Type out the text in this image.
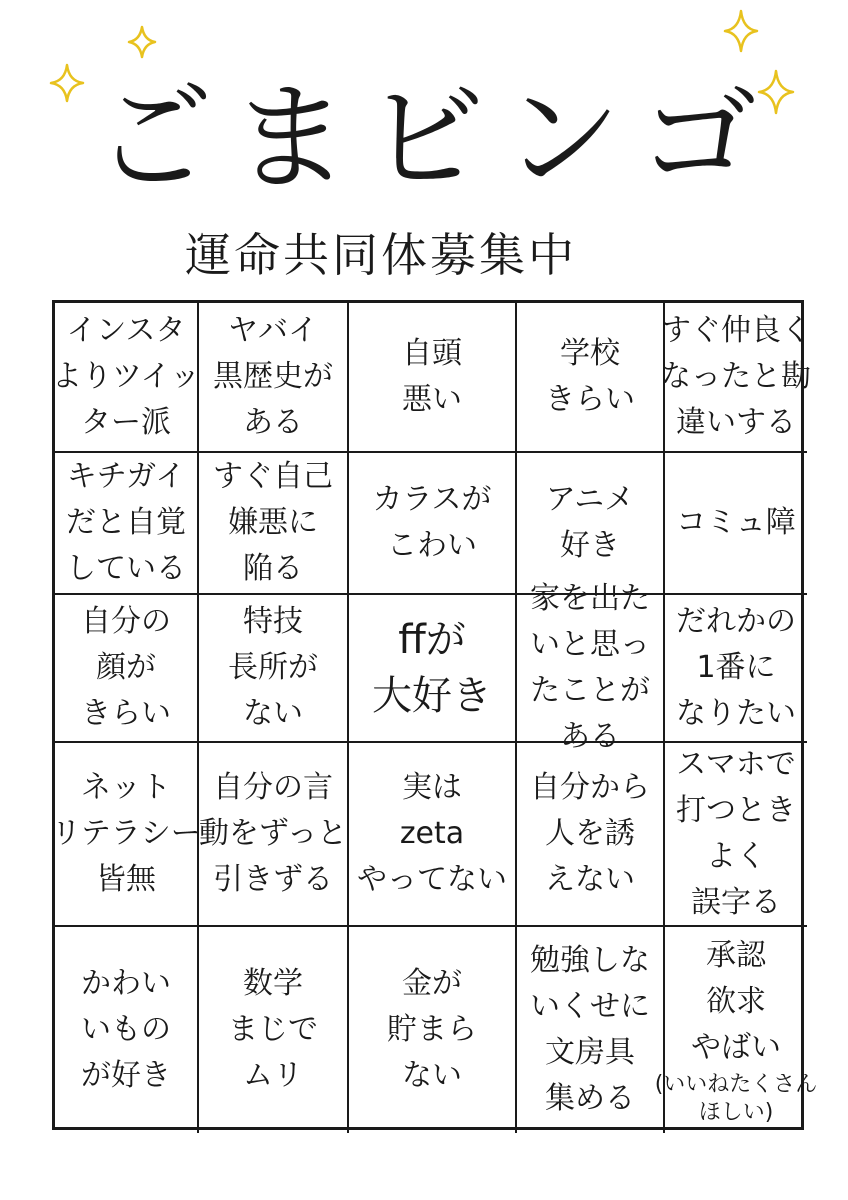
ごまビンゴ
運命共同体募集中
インスタ
よりツイッ
ター派
ヤバイ
黒歴史が
ある
自頭
悪い
学校
きらい
すぐ仲良く
なったと勘
違いする
キチガイ
だと自覚
している
すぐ自己
嫌悪に
陥る
カラスが
こわい
アニメ
好き
コミュ障
自分の
顔が
きらい
特技
長所が
ない
ffが
大好き
家を出た
いと思っ
たことが
ある
だれかの
1番に
なりたい
ネット
リテラシー
皆無
自分の言
動をずっと
引きずる
実は
zeta
やってない
自分から
人を誘
えない
スマホで
打つとき
よく
誤字る
かわい
いもの
が好き
数学
まじで
ムリ
金が
貯まら
ない
勉強しな
いくせに
文房具
集める
承認
欲求
やばい
(いいねたくさん
ほしい)
